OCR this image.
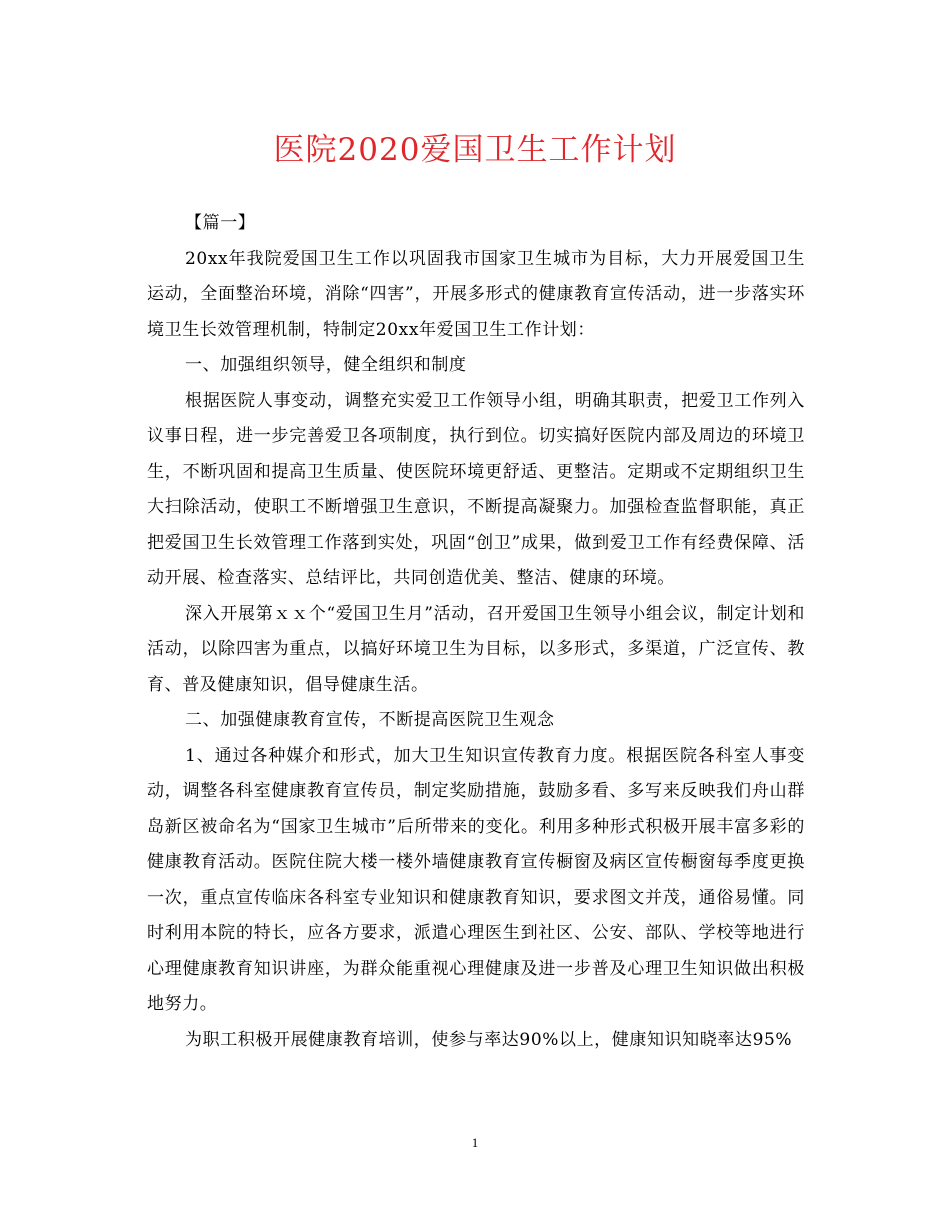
医院2020爱国卫生工作计划

【篇一】

20xx年我院爱国卫生工作以巩固我市国家卫生城市为目标，大力开展爱国卫生运动，全面整治环境，消除“四害”，开展多形式的健康教育宣传活动，进一步落实环境卫生长效管理机制，特制定20xx年爱国卫生工作计划：

一、加强组织领导，健全组织和制度

根据医院人事变动，调整充实爱卫工作领导小组，明确其职责，把爱卫工作列入议事日程，进一步完善爱卫各项制度，执行到位。切实搞好医院内部及周边的环境卫生，不断巩固和提高卫生质量、使医院环境更舒适、更整洁。定期或不定期组织卫生大扫除活动，使职工不断增强卫生意识，不断提高凝聚力。加强检查监督职能，真正把爱国卫生长效管理工作落到实处，巩固“创卫”成果，做到爱卫工作有经费保障、活动开展、检查落实、总结评比，共同创造优美、整洁、健康的环境。

深入开展第ｘｘ个“爱国卫生月”活动，召开爱国卫生领导小组会议，制定计划和活动，以除四害为重点，以搞好环境卫生为目标，以多形式，多渠道，广泛宣传、教育、普及健康知识，倡导健康生活。

二、加强健康教育宣传，不断提高医院卫生观念

1、通过各种媒介和形式，加大卫生知识宣传教育力度。根据医院各科室人事变动，调整各科室健康教育宣传员，制定奖励措施，鼓励多看、多写来反映我们舟山群岛新区被命名为“国家卫生城市”后所带来的变化。利用多种形式积极开展丰富多彩的健康教育活动。医院住院大楼一楼外墙健康教育宣传橱窗及病区宣传橱窗每季度更换一次，重点宣传临床各科室专业知识和健康教育知识，要求图文并茂，通俗易懂。同时利用本院的特长，应各方要求，派遣心理医生到社区、公安、部队、学校等地进行心理健康教育知识讲座，为群众能重视心理健康及进一步普及心理卫生知识做出积极地努力。

为职工积极开展健康教育培训，使参与率达90%以上，健康知识知晓率达95%

1
